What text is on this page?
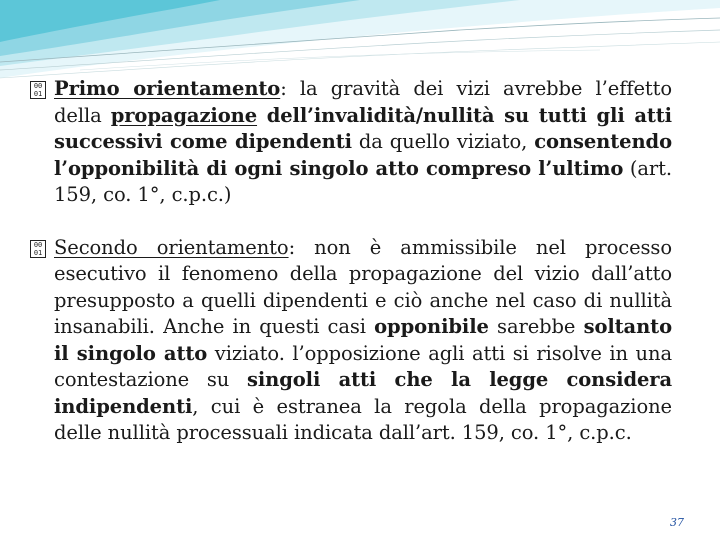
00
01 Primo orientamento: la gravità dei vizi avrebbe l’effetto della propagazione dell’invalidità/nullità su tutti gli atti successivi come dipendenti da quello viziato, consentendo l’opponibilità di ogni singolo atto compreso l’ultimo (art. 159, co. 1°, c.p.c.)
00
01 Secondo orientamento: non è ammissibile nel processo esecutivo il fenomeno della propagazione del vizio dall’atto presupposto a quelli dipendenti e ciò anche nel caso di nullità insanabili. Anche in questi casi opponibile sarebbe soltanto il singolo atto viziato. l’opposizione agli atti si risolve in una contestazione su singoli atti che la legge considera indipendenti, cui è estranea la regola della propagazione delle nullità processuali indicata dall’art. 159, co. 1°, c.p.c.
37
